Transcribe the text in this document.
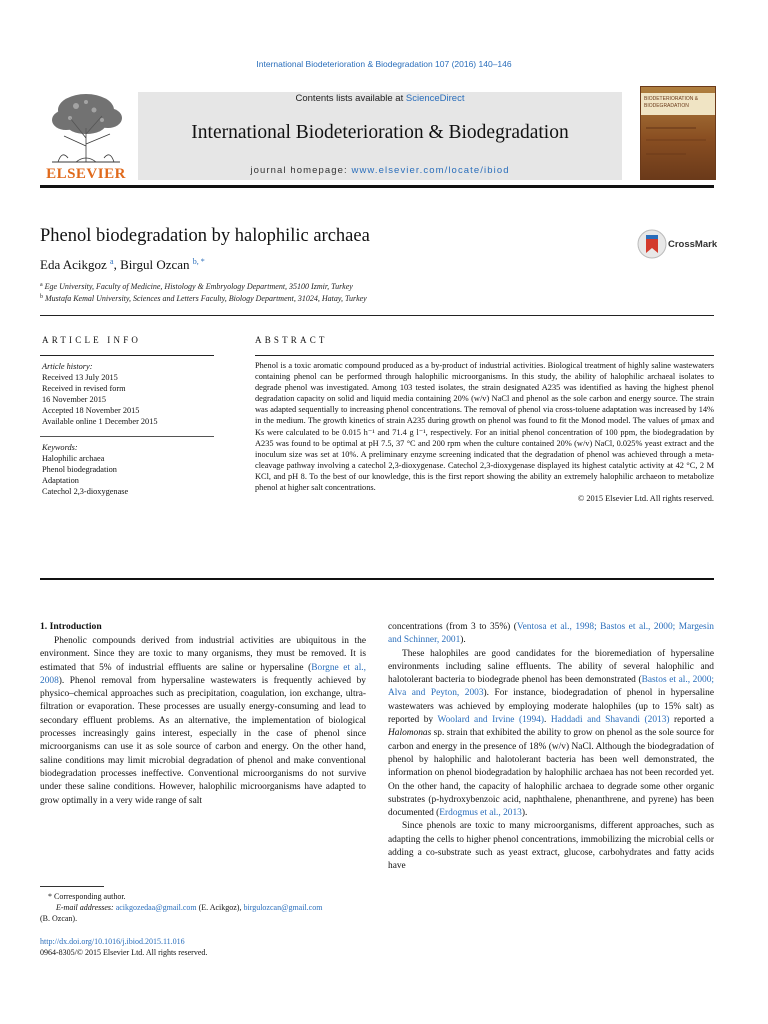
International Biodeterioration & Biodegradation 107 (2016) 140–146
ELSEVIER
Contents lists available at ScienceDirect
International Biodeterioration & Biodegradation
journal homepage: www.elsevier.com/locate/ibiod
BIODETERIORATION & BIODEGRADATION
Phenol biodegradation by halophilic archaea	CrossMark
Eda Acikgoz $^a$, Birgul Ozcan $^{b, *}$
$^a$ Ege University, Faculty of Medicine, Histology & Embryology Department, 35100 Izmir, Turkey
$^b$ Mustafa Kemal University, Sciences and Letters Faculty, Biology Department, 31024, Hatay, Turkey
ARTICLE INFO	ABSTRACT
Article history:
Received 13 July 2015
Received in revised form
16 November 2015
Accepted 18 November 2015
Available online 1 December 2015
Keywords:
Halophilic archaea
Phenol biodegradation
Adaptation
Catechol 2,3-dioxygenase

Phenol is a toxic aromatic compound produced as a by-product of industrial activities. Biological treatment of highly saline wastewaters containing phenol can be performed through halophilic microorganisms. In this study, the ability of halophilic archaeal isolates to degrade phenol was investigated. Among 103 tested isolates, the strain designated A235 was identified as having the highest phenol degradation capacity on solid and liquid media containing 20% (w/v) NaCl and phenol as the sole carbon and energy source. The strain was adapted sequentially to increasing phenol concentrations. The removal of phenol via cross-toluene adaptation was increased by 14% in the medium. The growth kinetics of strain A235 during growth on phenol was found to fit the Monod model. The values of μmax and Ks were calculated to be 0.015 h⁻¹ and 71.4 g l⁻¹, respectively. For an initial phenol concentration of 100 ppm, the biodegradation by A235 was found to be optimal at pH 7.5, 37 °C and 200 rpm when the culture contained 20% (w/v) NaCl, 0.025% yeast extract and the inoculum size was set at 10%. A preliminary enzyme screening indicated that the degradation of phenol was achieved through a meta-cleavage pathway involving a catechol 2,3-dioxygenase. Catechol 2,3-dioxygenase displayed its highest catalytic activity at 42 °C, 2 M KCl, and pH 8. To the best of our knowledge, this is the first report showing the ability an extremely halophilic archaeon to metabolize phenol at higher salt concentrations.

© 2015 Elsevier Ltd. All rights reserved.

1. Introduction

Phenolic compounds derived from industrial activities are ubiquitous in the environment. Since they are toxic to many organisms, they must be removed. It is estimated that 5% of industrial effluents are saline or hypersaline (Borgne et al., 2008). Phenol removal from hypersaline wastewaters is frequently achieved by physico–chemical approaches such as precipitation, coagulation, ion exchange, ultra-filtration or evaporation. These processes are usually energy-consuming and lead to secondary effluent problems. As an alternative, the implementation of biological processes increasingly gains interest, especially in the case of phenol since microorganisms can use it as sole source of carbon and energy. On the other hand, saline conditions may limit microbial degradation of phenol and make conventional biodegradation processes ineffective. Conventional microorganisms do not survive under these saline conditions. However, halophilic microorganisms have adapted to grow optimally in a very wide range of salt

concentrations (from 3 to 35%) (Ventosa et al., 1998; Bastos et al., 2000; Margesin and Schinner, 2001).

These halophiles are good candidates for the bioremediation of hypersaline environments including saline effluents. The ability of several halophilic and halotolerant bacteria to biodegrade phenol has been demonstrated (Bastos et al., 2000; Alva and Peyton, 2003). For instance, biodegradation of phenol in hypersaline wastewaters was achieved by employing moderate halophiles (up to 15% salt) as reported by Woolard and Irvine (1994). Haddadi and Shavandi (2013) reported a Halomonas sp. strain that exhibited the ability to grow on phenol as the sole source for carbon and energy in the presence of 18% (w/v) NaCl. Although the biodegradation of phenol by halophilic and halotolerant bacteria has been well demonstrated, the information on phenol biodegradation by halophilic archaea has not been recorded yet. On the other hand, the capacity of halophilic archaea to degrade some other organic substrates (p-hydroxybenzoic acid, naphthalene, phenanthrene, and pyrene) has been documented (Erdogmus et al., 2013).

Since phenols are toxic to many microorganisms, different approaches, such as adapting the cells to higher phenol concentrations, immobilizing the microbial cells or adding a co-substrate such as yeast extract, glucose, carbohydrates and fatty acids have

* Corresponding author.
E-mail addresses: acikgozedaa@gmail.com (E. Acikgoz), birgulozcan@gmail.com
(B. Ozcan).
http://dx.doi.org/10.1016/j.ibiod.2015.11.016
0964-8305/© 2015 Elsevier Ltd. All rights reserved.
